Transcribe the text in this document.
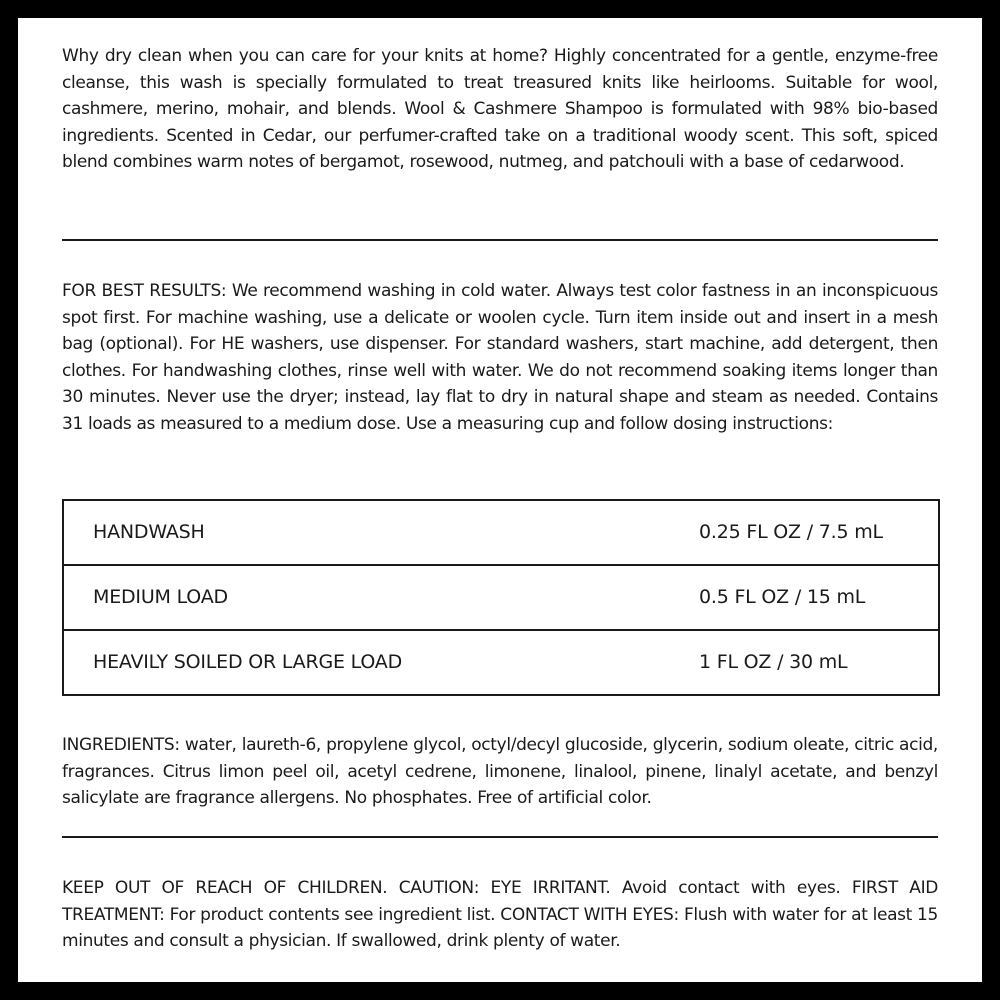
Why dry clean when you can care for your knits at home? Highly concentrated for a gentle, enzyme-free cleanse, this wash is specially formulated to treat treasured knits like heirlooms. Suitable for wool, cashmere, merino, mohair, and blends. Wool & Cashmere Shampoo is formulated with 98% bio-based ingredients. Scented in Cedar, our perfumer-crafted take on a traditional woody scent. This soft, spiced blend combines warm notes of bergamot, rosewood, nutmeg, and patchouli with a base of cedarwood.

FOR BEST RESULTS: We recommend washing in cold water. Always test color fastness in an inconspicuous spot first. For machine washing, use a delicate or woolen cycle. Turn item inside out and insert in a mesh bag (optional). For HE washers, use dispenser. For standard washers, start machine, add detergent, then clothes. For handwashing clothes, rinse well with water. We do not recommend soaking items longer than 30 minutes. Never use the dryer; instead, lay flat to dry in natural shape and steam as needed. Contains 31 loads as measured to a medium dose. Use a measuring cup and follow dosing instructions:

HANDWASH	0.25 FL OZ / 7.5 mL
MEDIUM LOAD	0.5 FL OZ / 15 mL
HEAVILY SOILED OR LARGE LOAD	1 FL OZ / 30 mL

INGREDIENTS: water, laureth-6, propylene glycol, octyl/decyl glucoside, glycerin, sodium oleate, citric acid, fragrances. Citrus limon peel oil, acetyl cedrene, limonene, linalool, pinene, linalyl acetate, and benzyl salicylate are fragrance allergens. No phosphates. Free of artificial color.

KEEP OUT OF REACH OF CHILDREN. CAUTION: EYE IRRITANT. Avoid contact with eyes. FIRST AID TREATMENT: For product contents see ingredient list. CONTACT WITH EYES: Flush with water for at least 15 minutes and consult a physician. If swallowed, drink plenty of water.
